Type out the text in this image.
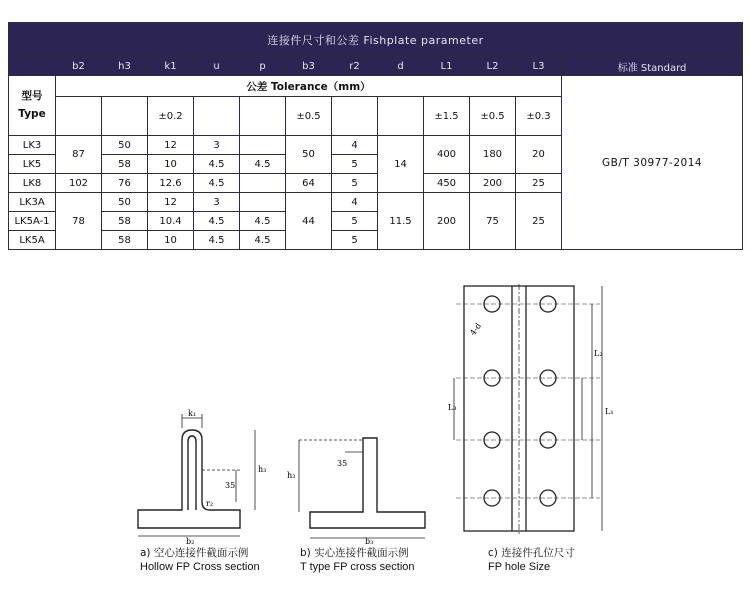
连接件尺寸和公差 Fishplate parameter												
	b2	h3	k1	u	p	b3	r2	d	L1	L2	L3	标准 Standard

型号
Type	公差 Tolerance（mm）											GB/T 30977-2014
			±0.2			±0.5			±1.5	±0.5	±0.3	
LK3	87	50	12	3		50	4	14	400	180	20	
LK5		58	10	4.5	4.5		5					
LK8	102	76	12.6	4.5		64	5		450	200	25	
LK3A	78	50	12	3		44	4	11.5	200	75	25	
LK5A-1		58	10.4	4.5	4.5		5					
LK5A		58	10	4.5	4.5		5					
k₁
35
h₃
r₂
b₂
h₃
35
b₃
4-d
L₁
L₂
L₃
a) 空心连接件截面示例
Hollow FP Cross section
b) 实心连接件截面示例
T type FP cross section
c) 连接件孔位尺寸
FP hole Size
